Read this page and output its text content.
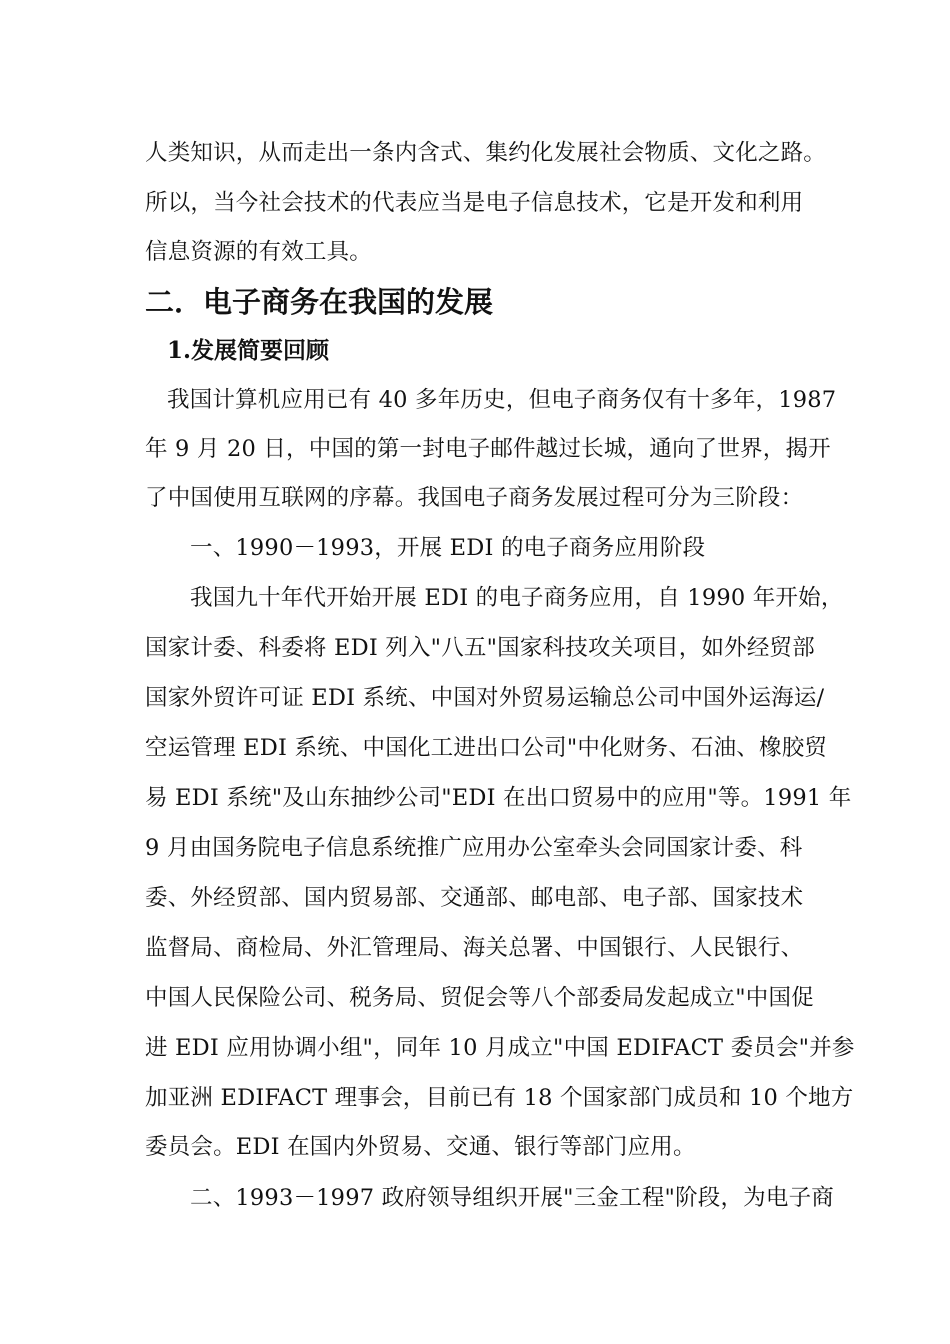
人类知识，从而走出一条内含式、集约化发展社会物质、文化之路。
所以，当今社会技术的代表应当是电子信息技术，它是开发和利用
信息资源的有效工具。
二．电子商务在我国的发展
1.发展简要回顾
我国计算机应用已有 40 多年历史，但电子商务仅有十多年，1987
年 9 月 20 日，中国的第一封电子邮件越过长城，通向了世界，揭开
了中国使用互联网的序幕。我国电子商务发展过程可分为三阶段：
一、1990－1993，开展 EDI 的电子商务应用阶段
我国九十年代开始开展 EDI 的电子商务应用，自 1990 年开始，
国家计委、科委将 EDI 列入"八五"国家科技攻关项目，如外经贸部
国家外贸许可证 EDI 系统、中国对外贸易运输总公司中国外运海运/
空运管理 EDI 系统、中国化工进出口公司"中化财务、石油、橡胶贸
易 EDI 系统"及山东抽纱公司"EDI 在出口贸易中的应用"等。1991 年
9 月由国务院电子信息系统推广应用办公室牵头会同国家计委、科
委、外经贸部、国内贸易部、交通部、邮电部、电子部、国家技术
监督局、商检局、外汇管理局、海关总署、中国银行、人民银行、
中国人民保险公司、税务局、贸促会等八个部委局发起成立"中国促
进 EDI 应用协调小组"，同年 10 月成立"中国 EDIFACT 委员会"并参
加亚洲 EDIFACT 理事会，目前已有 18 个国家部门成员和 10 个地方
委员会。EDI 在国内外贸易、交通、银行等部门应用。
二、1993－1997 政府领导组织开展"三金工程"阶段，为电子商
